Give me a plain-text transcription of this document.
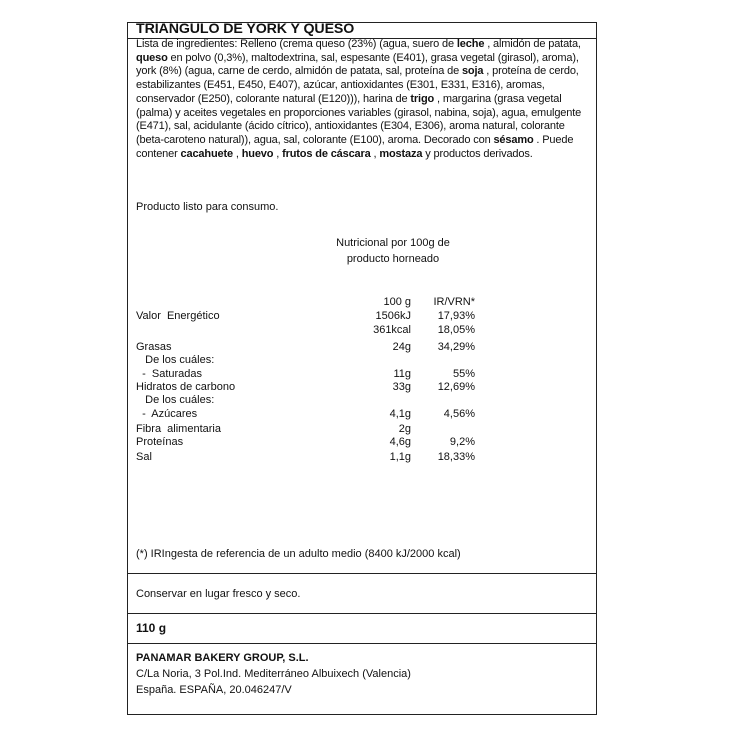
TRIANGULO DE YORK Y QUESO
Lista de ingredientes: Relleno (crema queso (23%) (agua, suero de leche , almidón de patata, queso en polvo (0,3%), maltodextrina, sal, espesante (E401), grasa vegetal (girasol), aroma), york (8%) (agua, carne de cerdo, almidón de patata, sal, proteína de soja , proteína de cerdo, estabilizantes (E451, E450, E407), azúcar, antioxidantes (E301, E331, E316), aromas, conservador (E250), colorante natural (E120))), harina de trigo , margarina (grasa vegetal (palma) y aceites vegetales en proporciones variables (girasol, nabina, soja), agua, emulgente (E471), sal, acidulante (ácido cítrico), antioxidantes (E304, E306), aroma natural, colorante (beta-caroteno natural)), agua, sal, colorante (E100), aroma. Decorado con sésamo . Puede contener cacahuete , huevo , frutos de cáscara , mostaza y productos derivados.
Producto listo para consumo.
Nutricional por 100g de
producto horneado
100 g IR/VRN*
Valor  Energético	1506kJ 17,93%
361kcal 18,05%
Grasas	24g 34,29%
De los cuáles:
-  Saturadas	11g	55%
Hidratos de carbono	33g 12,69%
De los cuáles:
-  Azúcares	4,1g	4,56%
Fibra  alimentaria	2g
Proteínas	4,6g	9,2%
Sal	1,1g 18,33%
(*) IRIngesta de referencia de un adulto medio (8400 kJ/2000 kcal)
Conservar en lugar fresco y seco.
110 g
PANAMAR BAKERY GROUP, S.L.
C/La Noria, 3 Pol.Ind. Mediterráneo Albuixech (Valencia)
España. ESPAÑA, 20.046247/V
